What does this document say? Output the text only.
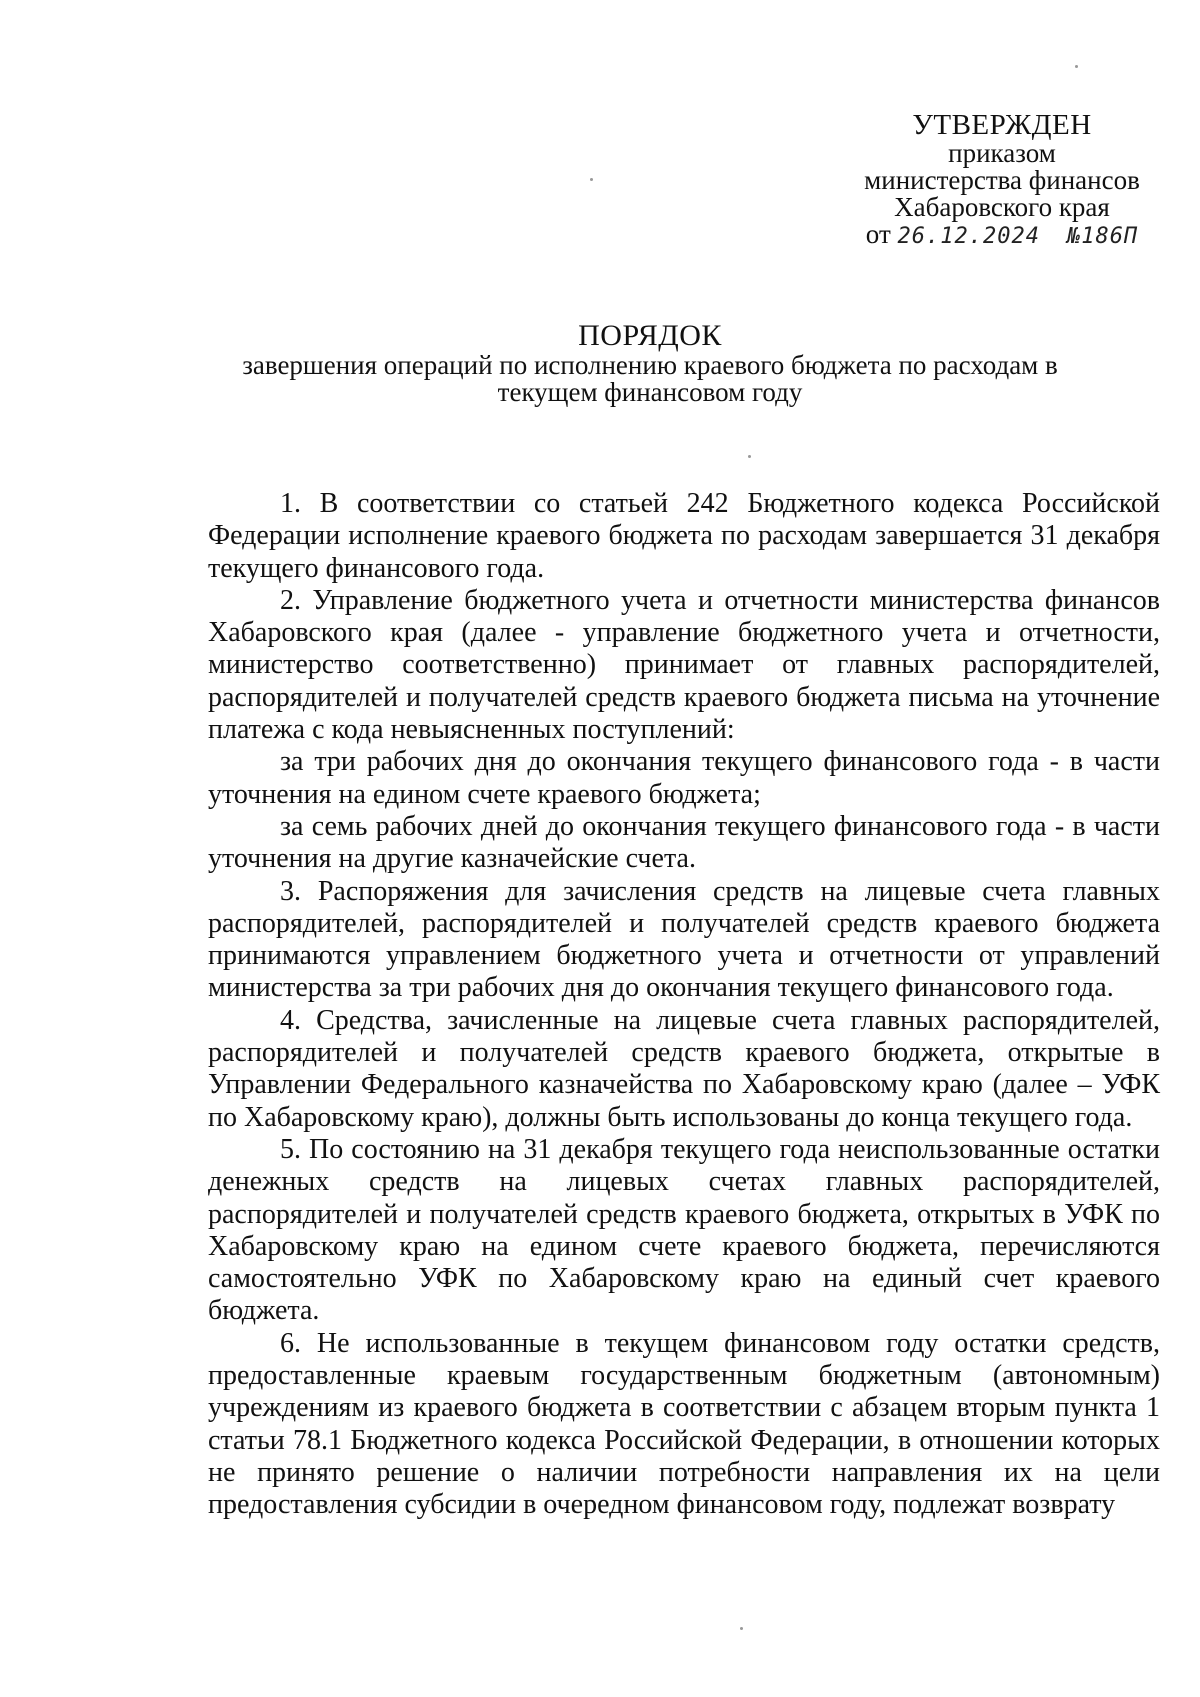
УТВЕРЖДЕН
приказом
министерства финансов
Хабаровского края
от 26.12.2024 №186П
ПОРЯДОК
завершения операций по исполнению краевого бюджета по расходам в
текущем финансовом году

1. В соответствии со статьей 242 Бюджетного кодекса Российской Федерации исполнение краевого бюджета по расходам завершается 31 декабря текущего финансового года.

2. Управление бюджетного учета и отчетности министерства финансов Хабаровского края (далее - управление бюджетного учета и отчетности, министерство соответственно) принимает от главных распорядителей, распорядителей и получателей средств краевого бюджета письма на уточнение платежа с кода невыясненных поступлений:

за три рабочих дня до окончания текущего финансового года - в части уточнения на едином счете краевого бюджета;

за семь рабочих дней до окончания текущего финансового года - в части уточнения на другие казначейские счета.

3. Распоряжения для зачисления средств на лицевые счета главных распорядителей, распорядителей и получателей средств краевого бюджета принимаются управлением бюджетного учета и отчетности от управлений министерства за три рабочих дня до окончания текущего финансового года.

4. Средства, зачисленные на лицевые счета главных распорядителей, распорядителей и получателей средств краевого бюджета, открытые в Управлении Федерального казначейства по Хабаровскому краю (далее – УФК по Хабаровскому краю), должны быть использованы до конца текущего года.

5. По состоянию на 31 декабря текущего года неиспользованные остатки денежных средств на лицевых счетах главных распорядителей, распорядителей и получателей средств краевого бюджета, открытых в УФК по Хабаровскому краю на едином счете краевого бюджета, перечисляются самостоятельно УФК по Хабаровскому краю на единый счет краевого бюджета.

6. Не использованные в текущем финансовом году остатки средств, предоставленные краевым государственным бюджетным (автономным) учреждениям из краевого бюджета в соответствии с абзацем вторым пункта 1 статьи 78.1 Бюджетного кодекса Российской Федерации, в отношении которых не принято решение о наличии потребности направления их на цели предоставления субсидии в очередном финансовом году, подлежат возврату
